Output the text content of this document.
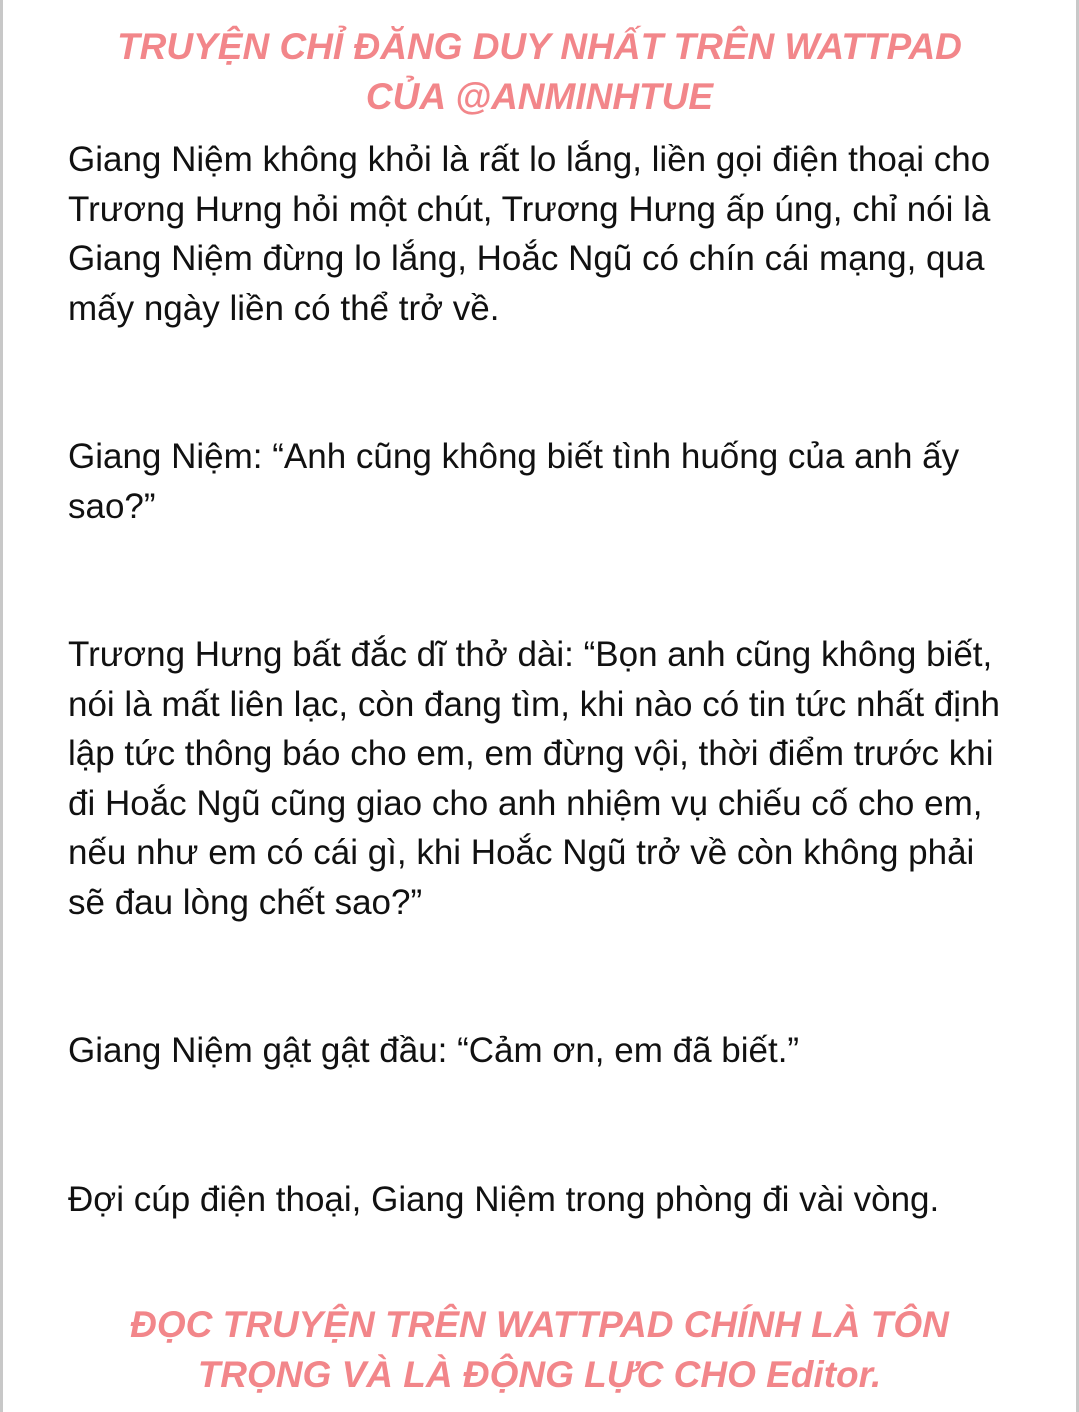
TRUYỆN CHỈ ĐĂNG DUY NHẤT TRÊN WATTPAD
CỦA @ANMINHTUE

Giang Niệm không khỏi là rất lo lắng, liền gọi điện thoại cho Trương Hưng hỏi một chút, Trương Hưng ấp úng, chỉ nói là Giang Niệm đừng lo lắng, Hoắc Ngũ có chín cái mạng, qua mấy ngày liền có thể trở về.

Giang Niệm: “Anh cũng không biết tình huống của anh ấy sao?”

Trương Hưng bất đắc dĩ thở dài: “Bọn anh cũng không biết, nói là mất liên lạc, còn đang tìm, khi nào có tin tức nhất định lập tức thông báo cho em, em đừng vội, thời điểm trước khi đi Hoắc Ngũ cũng giao cho anh nhiệm vụ chiếu cố cho em, nếu như em có cái gì, khi Hoắc Ngũ trở về còn không phải sẽ đau lòng chết sao?”

Giang Niệm gật gật đầu: “Cảm ơn, em đã biết.”

Đợi cúp điện thoại, Giang Niệm trong phòng đi vài vòng.

ĐỌC TRUYỆN TRÊN WATTPAD CHÍNH LÀ TÔN
TRỌNG VÀ LÀ ĐỘNG LỰC CHO Editor.
